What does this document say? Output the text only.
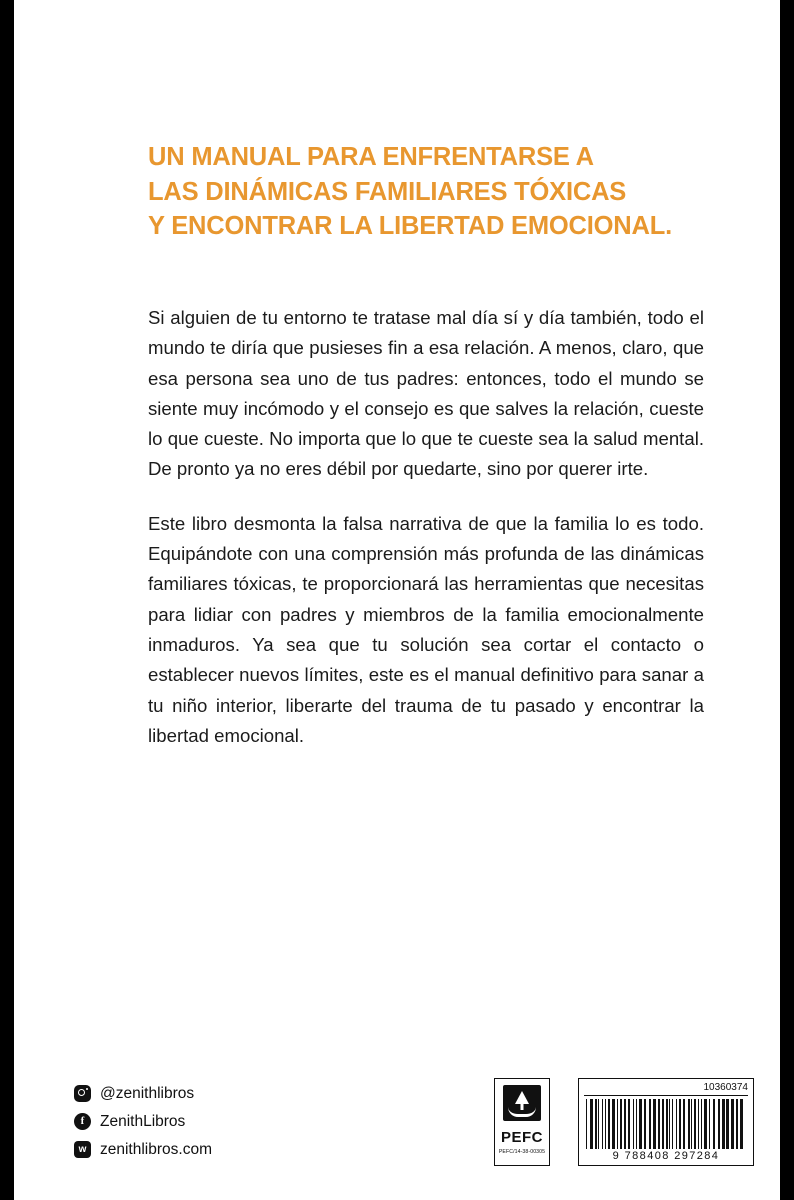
UN MANUAL PARA ENFRENTARSE A
LAS DINÁMICAS FAMILIARES TÓXICAS
Y ENCONTRAR LA LIBERTAD EMOCIONAL.

Si alguien de tu entorno te tratase mal día sí y día también, todo el mundo te diría que pusieses fin a esa relación. A menos, claro, que esa persona sea uno de tus padres: entonces, todo el mundo se siente muy incómodo y el consejo es que salves la relación, cueste lo que cueste. No importa que lo que te cueste sea la salud mental. De pronto ya no eres débil por quedarte, sino por querer irte.

Este libro desmonta la falsa narrativa de que la familia lo es todo. Equipándote con una comprensión más profunda de las dinámicas familiares tóxicas, te proporcionará las herramientas que necesitas para lidiar con padres y miembros de la familia emocionalmente inmaduros. Ya sea que tu solución sea cortar el contacto o establecer nuevos límites, este es el manual definitivo para sanar a tu niño interior, liberarte del trauma de tu pasado y encontrar la libertad emocional.

@zenithlibros
f	ZenithLibros
w zenithlibros.com
PEFC
PEFC/14-38-00305
10360374
9 788408 297284
